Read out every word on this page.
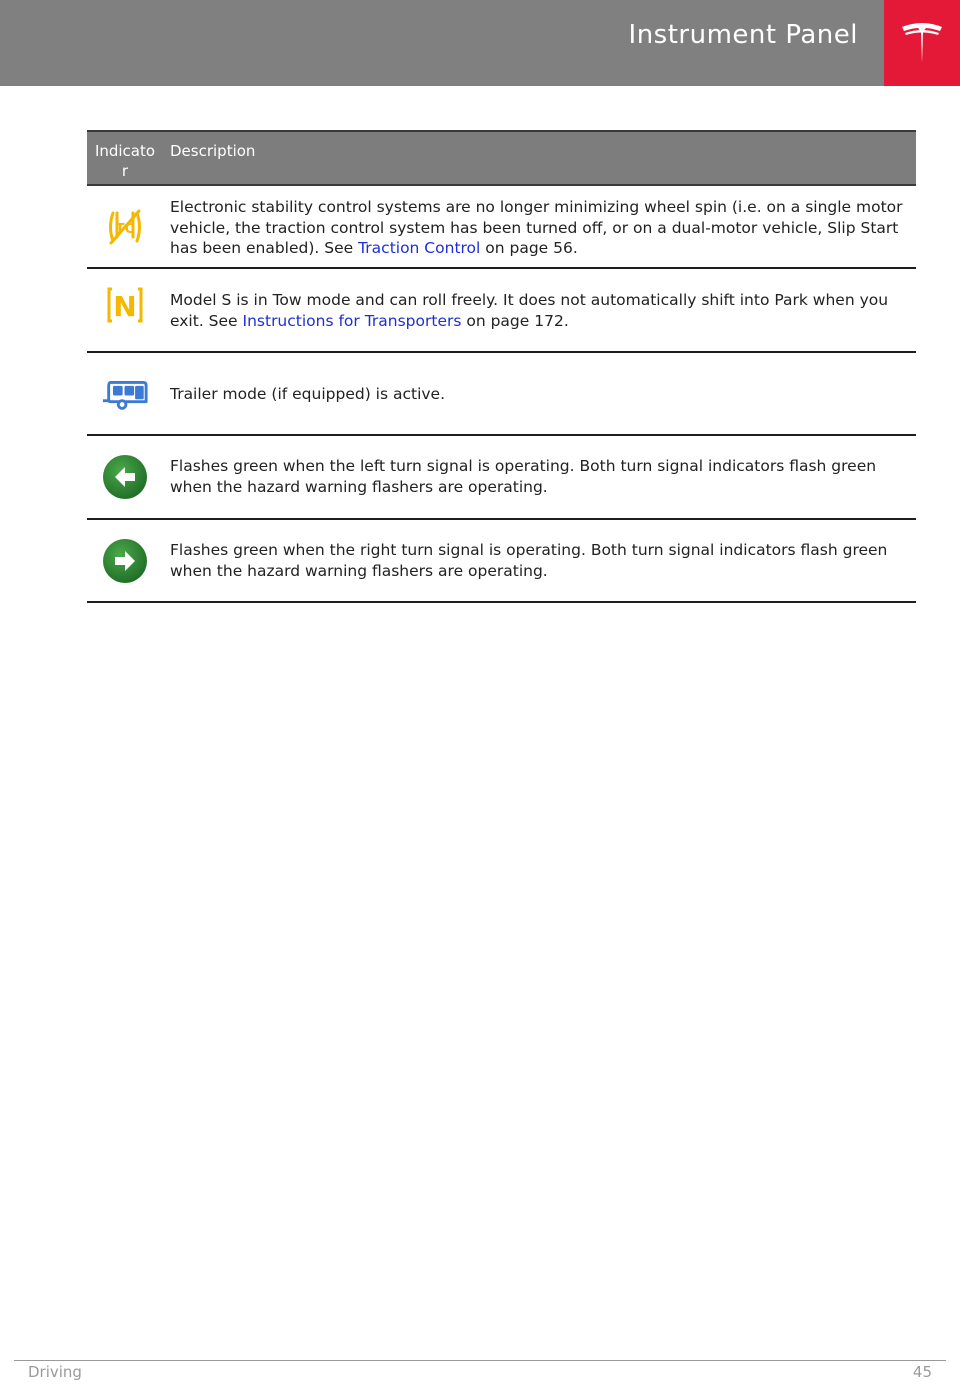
Instrument Panel
Indicator
Description
TC
Electronic stability control systems are no longer minimizing wheel spin (i.e. on a single motor vehicle, the traction control system has been turned off, or on a dual-motor vehicle, Slip Start has been enabled). See Traction Control on page 56.
N Model S is in Tow mode and can roll freely. It does not automatically shift into Park when you exit. See Instructions for Transporters on page 172.
Trailer mode (if equipped) is active.
Flashes green when the left turn signal is operating. Both turn signal indicators flash green when the hazard warning flashers are operating.
Flashes green when the right turn signal is operating. Both turn signal indicators flash green when the hazard warning flashers are operating.
Driving	45
